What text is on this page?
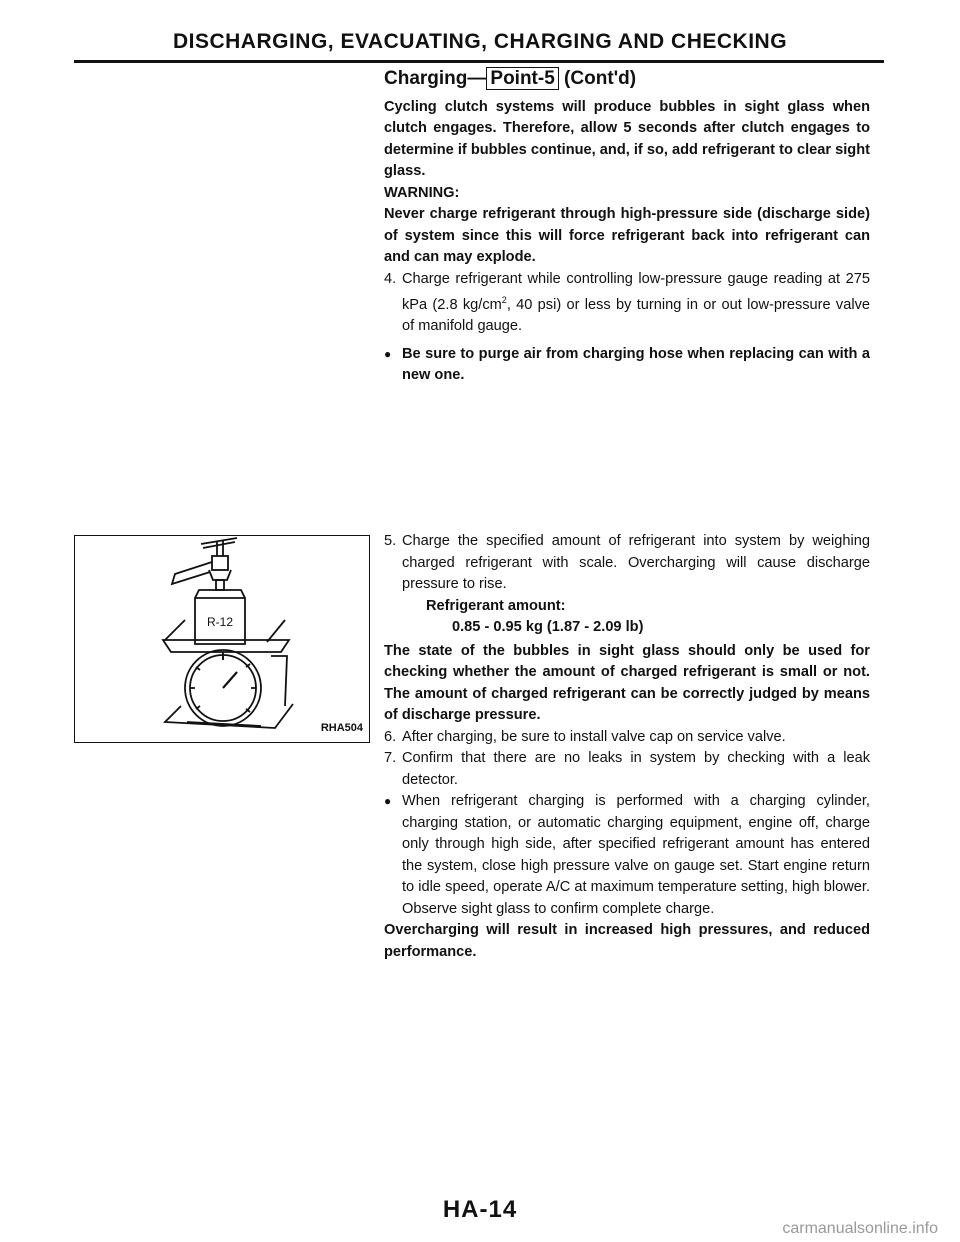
DISCHARGING, EVACUATING, CHARGING AND CHECKING
Charging— Point-5 (Cont'd)

Cycling clutch systems will produce bubbles in sight glass when clutch engages. Therefore, allow 5 seconds after clutch engages to determine if bubbles continue, and, if so, add refrigerant to clear sight glass.

WARNING:

Never charge refrigerant through high-pressure side (discharge side) of system since this will force refrigerant back into refrigerant can and can may explode.

4. Charge refrigerant while controlling low-pressure gauge reading at 275 kPa (2.8 $kg/cm^2$, 40 psi) or less by turning in or out low-pressure valve of manifold gauge.
● Be sure to purge air from charging hose when replacing can with a new one.
R-12
RHA504
5. Charge the specified amount of refrigerant into system by weighing charged refrigerant with scale. Overcharging will cause discharge pressure to rise.
Refrigerant amount:
0.85 - 0.95 kg (1.87 - 2.09 lb)

The state of the bubbles in sight glass should only be used for checking whether the amount of charged refrigerant is small or not. The amount of charged refrigerant can be correctly judged by means of discharge pressure.

6. After charging, be sure to install valve cap on service valve.
7. Confirm that there are no leaks in system by checking with a leak detector.
● When refrigerant charging is performed with a charging cylinder, charging station, or automatic charging equipment, engine off, charge only through high side, after specified refrigerant amount has entered the system, close high pressure valve on gauge set. Start engine return to idle speed, operate A/C at maximum temperature setting, high blower. Observe sight glass to confirm complete charge.

Overcharging will result in increased high pressures, and reduced performance.

HA-14
carmanualsonline.info
